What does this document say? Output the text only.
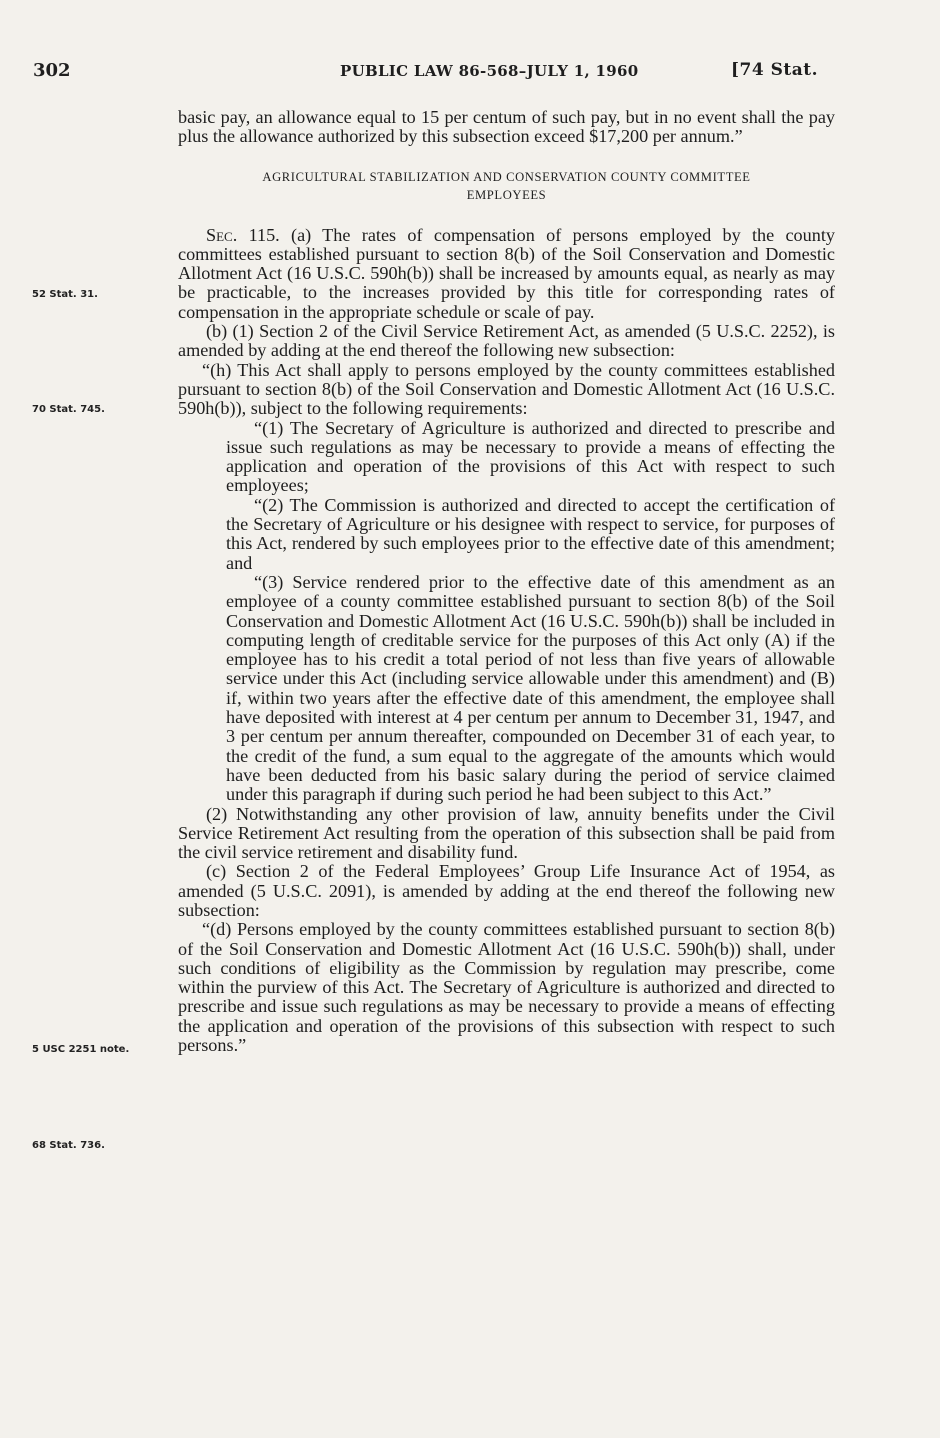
302	PUBLIC LAW 86-568–JULY 1, 1960	[74 Stat.
52 Stat. 31.
70 Stat. 745.
5 USC 2251 note.
68 Stat. 736.

basic pay, an allowance equal to 15 per centum of such pay, but in no event shall the pay plus the allowance authorized by this subsection exceed $17,200 per annum.”

AGRICULTURAL STABILIZATION AND CONSERVATION COUNTY COMMITTEE
EMPLOYEES

Sec. 115. (a) The rates of compensation of persons employed by the county committees established pursuant to section 8(b) of the Soil Conservation and Domestic Allotment Act (16 U.S.C. 590h(b)) shall be increased by amounts equal, as nearly as may be practicable, to the increases provided by this title for corresponding rates of compensation in the appropriate schedule or scale of pay.

(b) (1) Section 2 of the Civil Service Retirement Act, as amended (5 U.S.C. 2252), is amended by adding at the end thereof the following new subsection:

“(h) This Act shall apply to persons employed by the county committees established pursuant to section 8(b) of the Soil Conservation and Domestic Allotment Act (16 U.S.C. 590h(b)), subject to the following requirements:

“(1) The Secretary of Agriculture is authorized and directed to prescribe and issue such regulations as may be necessary to provide a means of effecting the application and operation of the provisions of this Act with respect to such employees;

“(2) The Commission is authorized and directed to accept the certification of the Secretary of Agriculture or his designee with respect to service, for purposes of this Act, rendered by such employees prior to the effective date of this amendment; and

“(3) Service rendered prior to the effective date of this amendment as an employee of a county committee established pursuant to section 8(b) of the Soil Conservation and Domestic Allotment Act (16 U.S.C. 590h(b)) shall be included in computing length of creditable service for the purposes of this Act only (A) if the employee has to his credit a total period of not less than five years of allowable service under this Act (including service allowable under this amendment) and (B) if, within two years after the effective date of this amendment, the employee shall have deposited with interest at 4 per centum per annum to December 31, 1947, and 3 per centum per annum thereafter, compounded on December 31 of each year, to the credit of the fund, a sum equal to the aggregate of the amounts which would have been deducted from his basic salary during the period of service claimed under this paragraph if during such period he had been subject to this Act.”

(2) Notwithstanding any other provision of law, annuity benefits under the Civil Service Retirement Act resulting from the operation of this subsection shall be paid from the civil service retirement and disability fund.

(c) Section 2 of the Federal Employees’ Group Life Insurance Act of 1954, as amended (5 U.S.C. 2091), is amended by adding at the end thereof the following new subsection:

“(d) Persons employed by the county committees established pursuant to section 8(b) of the Soil Conservation and Domestic Allotment Act (16 U.S.C. 590h(b)) shall, under such conditions of eligibility as the Commission by regulation may prescribe, come within the purview of this Act. The Secretary of Agriculture is authorized and directed to prescribe and issue such regulations as may be necessary to provide a means of effecting the application and operation of the provisions of this subsection with respect to such persons.”
